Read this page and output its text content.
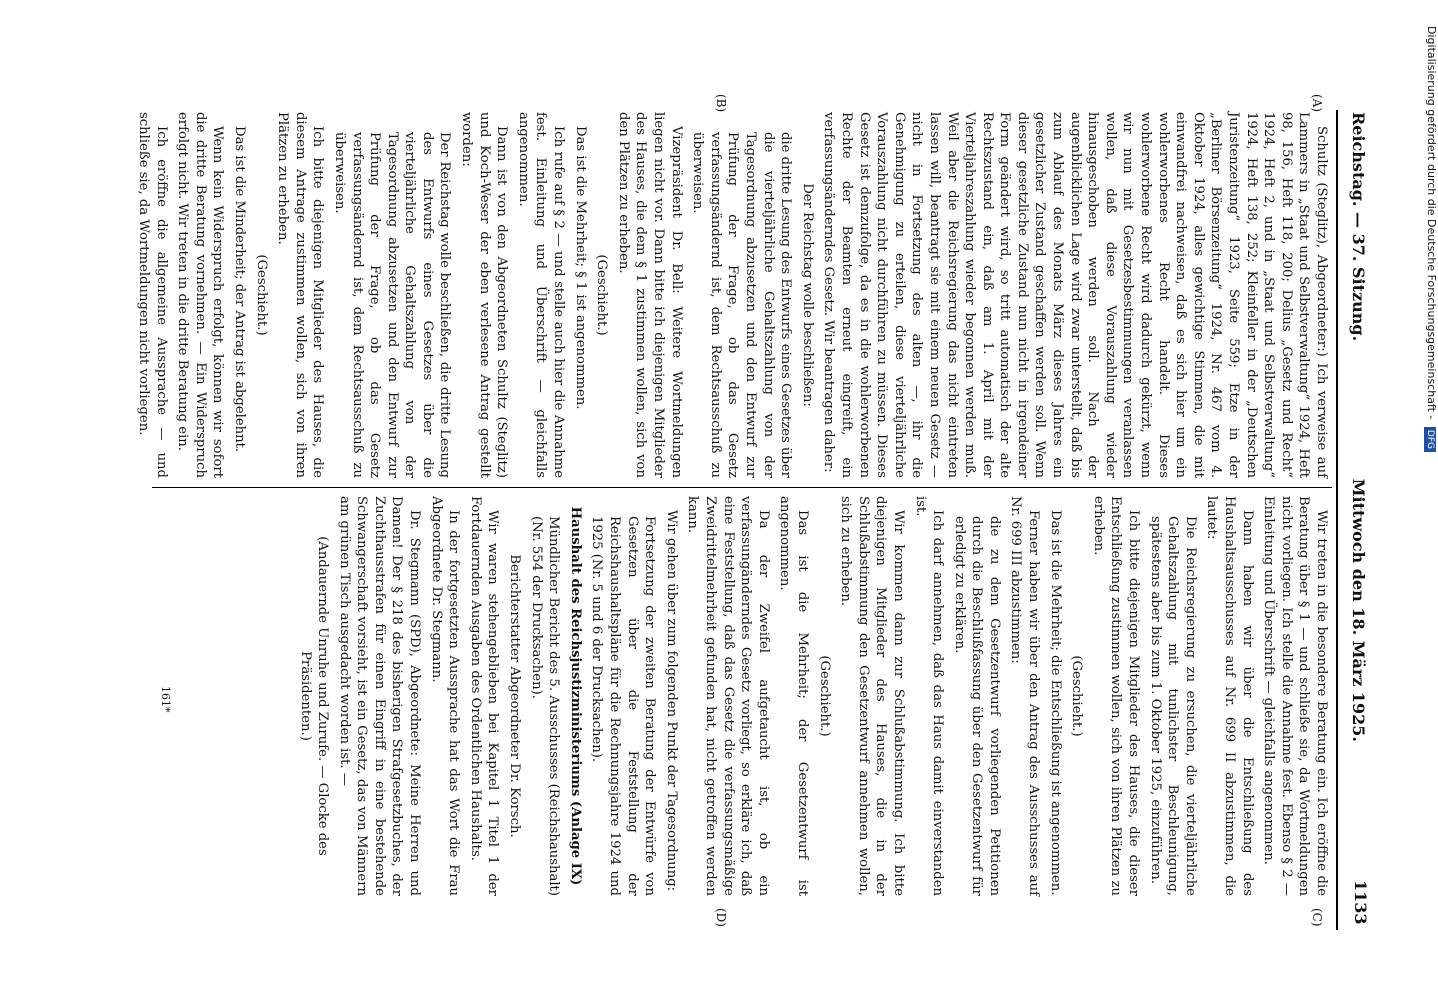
Reichstag. — 37. Sitzung.
Mittwoch den 18. März 1925.
1133
(A)
(B)
(C)
(D)

Schultz (Steglitz), Abgeordneter:) Ich verweise auf Lammers in „Staat und Selbstverwaltung“ 1924, Heft 98, 156, Heft 118, 200; Delius „Gesetz und Recht“ 1924, Heft 2, und in „Staat und Selbstverwaltung“ 1924, Heft 138, 252; Kleinfeller in der „Deutschen Juristenzeitung“ 1923, Seite 559; Etze in der „Berliner Börsenzeitung“ 1924, Nr. 467 vom 4. Oktober 1924, alles gewichtige Stimmen, die mit einwandfrei nachweisen, daß es sich hier um ein wohlerworbenes Recht handelt. Dieses wohlerworbene Recht wird dadurch gekürzt, wenn wir nun mit Gesetzesbestimmungen veranlassen wollen, daß diese Vorauszahlung wieder hinausgeschoben werden soll. Nach der augenblicklichen Lage wird zwar unterstellt, daß bis zum Ablauf des Monats März dieses Jahres ein gesetzlicher Zustand geschaffen werden soll. Wenn dieser gesetzliche Zustand nun nicht in irgendeiner Form geändert wird, so tritt automatisch der alte Rechtszustand ein, daß am 1. April mit der Vierteljahreszahlung wieder begonnen werden muß. Weil aber die Reichsregierung das nicht eintreten lassen will, beantragt sie mit einem neuen Gesetz — nicht in Fortsetzung des alten —, ihr die Genehmigung zu erteilen, diese vierteljährliche Vorauszahlung nicht durchführen zu müssen. Dieses Gesetz ist demzufolge, da es in die wohlerworbenen Rechte der Beamten erneut eingreift, ein verfassungsänderndes Gesetz. Wir beantragen daher:

Der Reichstag wolle beschließen:

die dritte Lesung des Entwurfs eines Gesetzes über die vierteljährliche Gehaltszahlung von der Tagesordnung abzusetzen und den Entwurf zur Prüfung der Frage, ob das Gesetz verfassungsändernd ist, dem Rechtsausschuß zu überweisen.

Vizepräsident Dr. Bell: Weitere Wortmeldungen liegen nicht vor. Dann bitte ich diejenigen Mitglieder des Hauses, die dem § 1 zustimmen wollen, sich von den Plätzen zu erheben.

(Geschieht.)

Das ist die Mehrheit; § 1 ist angenommen.

Ich rufe auf § 2 — und stelle auch hier die Annahme fest. Einleitung und Überschrift — gleichfalls angenommen.

Dann ist von den Abgeordneten Schultz (Steglitz) und Koch-Weser der eben verlesene Antrag gestellt worden:

Der Reichstag wolle beschließen, die dritte Lesung des Entwurfs eines Gesetzes über die vierteljährliche Gehaltszahlung von der Tagesordnung abzusetzen und den Entwurf zur Prüfung der Frage, ob das Gesetz verfassungsändernd ist, dem Rechtsausschuß zu überweisen.

Ich bitte diejenigen Mitglieder des Hauses, die diesem Antrage zustimmen wollen, sich von ihren Plätzen zu erheben.

(Geschieht.)

Das ist die Minderheit; der Antrag ist abgelehnt.

Wenn kein Widerspruch erfolgt, können wir sofort die dritte Beratung vornehmen. — Ein Widerspruch erfolgt nicht. Wir treten in die dritte Beratung ein.

Ich eröffne die allgemeine Aussprache — und schließe sie, da Wortmeldungen nicht vorliegen.

Wir treten in die besondere Beratung ein. Ich eröffne die Beratung über § 1 — und schließe sie, da Wortmeldungen nicht vorliegen. Ich stelle die Annahme fest. Ebenso § 2 — Einleitung und Überschrift — gleichfalls angenommen.

Dann haben wir über die Entschließung des Haushaltsausschusses auf Nr. 699 II abzustimmen, die lautet:

Die Reichsregierung zu ersuchen, die vierteljährliche Gehaltszahlung mit tunlichster Beschleunigung, spätestens aber bis zum 1. Oktober 1925, einzuführen.

Ich bitte diejenigen Mitglieder des Hauses, die dieser Entschließung zustimmen wollen, sich von ihren Plätzen zu erheben.

(Geschieht.)

Das ist die Mehrheit; die Entschließung ist angenommen.

Ferner haben wir über den Antrag des Ausschusses auf Nr. 699 III abzustimmen:

die zu dem Gesetzentwurf vorliegenden Petitionen durch die Beschlußfassung über den Gesetzentwurf für erledigt zu erklären.

Ich darf annehmen, daß das Haus damit einverstanden ist.

Wir kommen dann zur Schlußabstimmung. Ich bitte diejenigen Mitglieder des Hauses, die in der Schlußabstimmung den Gesetzentwurf annehmen wollen, sich zu erheben.

(Geschieht.)

Das ist die Mehrheit; der Gesetzentwurf ist angenommen.

Da der Zweifel aufgetaucht ist, ob ein verfassungänderndes Gesetz vorliegt, so erkläre ich, daß eine Feststellung, daß das Gesetz die verfassungsmäßige Zweidrittelmehrheit gefunden hat, nicht getroffen werden kann.

Wir gehen über zum folgenden Punkt der Tagesordnung:

Fortsetzung der zweiten Beratung der Entwürfe von Gesetzen über die Feststellung der Reichshaushaltspläne für die Rechnungsjahre 1924 und 1925 (Nr. 5 und 6 der Drucksachen).

Haushalt des Reichsjustizministeriums (Anlage IX)

Mündlicher Bericht des 5. Ausschusses (Reichshaushalt) (Nr. 554 der Drucksachen).

Berichterstatter Abgeordneter Dr. Korsch.

Wir waren stehengeblieben bei Kapitel 1 Titel 1 der Fortdauernden Ausgaben des Ordentlichen Haushalts.

In der fortgesetzten Aussprache hat das Wort die Frau Abgeordnete Dr. Stegmann.

Dr. Stegmann (SPD), Abgeordnete: Meine Herren und Damen! Der § 218 des bisherigen Strafgesetzbuches, der Zuchthausstrafen für einen Eingriff in eine bestehende Schwangerschaft vorsieht, ist ein Gesetz, das von Männern am grünen Tisch ausgedacht worden ist. —

(Andauernde Unruhe und Zurufe. — Glocke des Präsidenten.)

161*
Digitalisierung gefördert durch die Deutsche Forschungsgemeinschaft - DFG
